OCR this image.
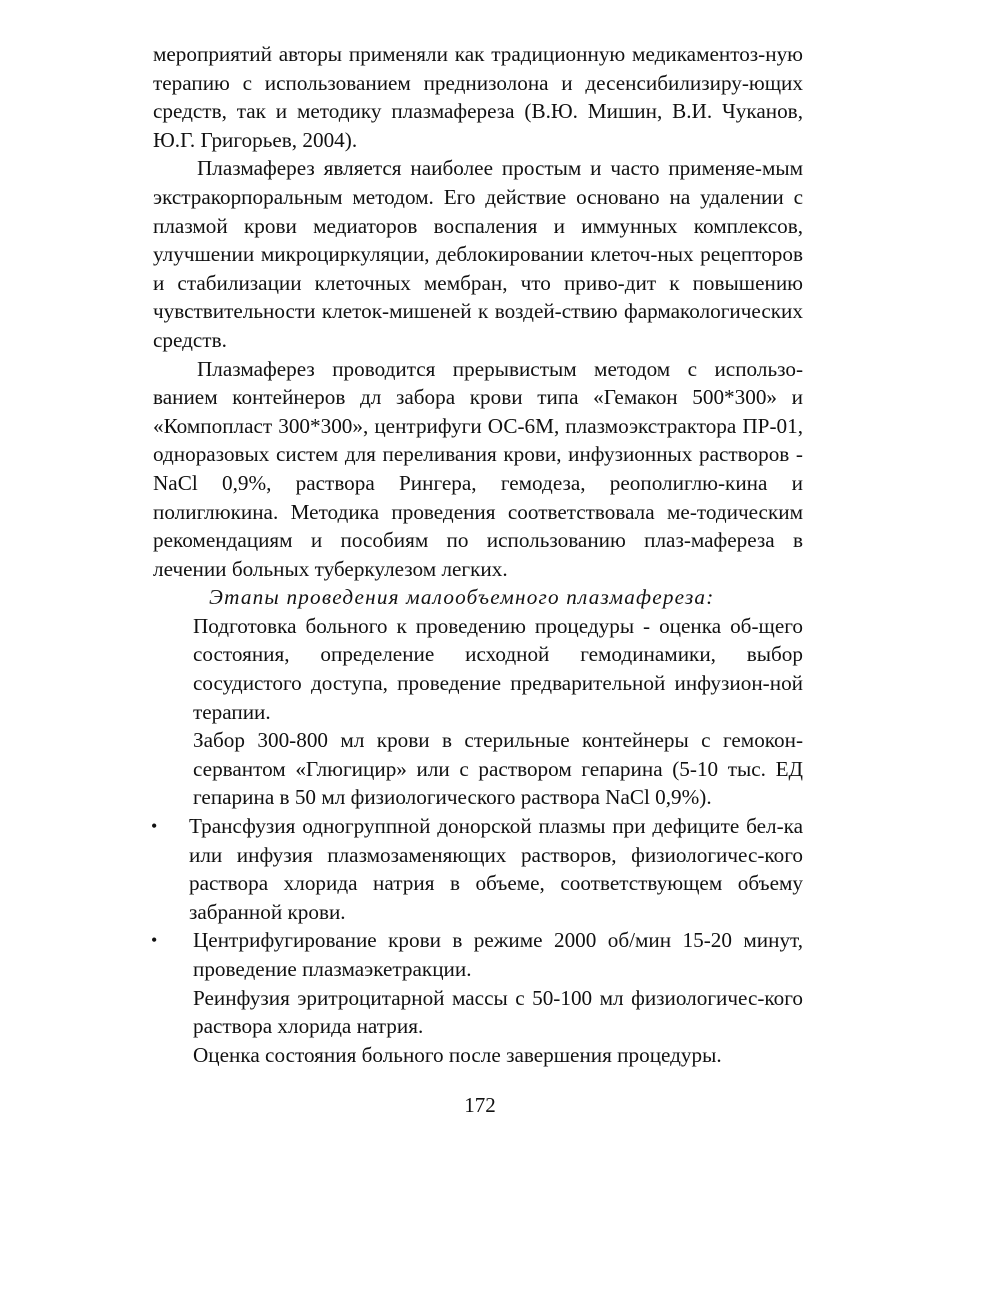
мероприятий авторы применяли как традиционную медикаментоз-ную терапию с использованием преднизолона и десенсибилизиру-ющих средств, так и методику плазмафереза (В.Ю. Мишин, В.И. Чуканов, Ю.Г. Григорьев, 2004).

Плазмаферез является наиболее простым и часто применяе-мым экстракорпоральным методом. Его действие основано на удалении с плазмой крови медиаторов воспаления и иммунных комплексов, улучшении микроциркуляции, деблокировании клеточ-ных рецепторов и стабилизации клеточных мембран, что приво-дит к повышению чувствительности клеток-мишеней к воздей-ствию фармакологических средств.

Плазмаферез проводится прерывистым методом с использо-ванием контейнеров дл забора крови типа «Гемакон 500*300» и «Компопласт 300*300», центрифуги ОС-6М, плазмоэкстрактора ПР-01, одноразовых систем для переливания крови, инфузионных растворов - NaCl 0,9%, раствора Рингера, гемодеза, реополиглю-кина и полиглюкина. Методика проведения соответствовала ме-тодическим рекомендациям и пособиям по использованию плаз-мафереза в лечении больных туберкулезом легких.

Этапы проведения малообъемного плазмафереза:

Подготовка больного к проведению процедуры - оценка об-щего состояния, определение исходной гемодинамики, выбор сосудистого доступа, проведение предварительной инфузион-ной терапии.

Забор 300-800 мл крови в стерильные контейнеры с гемокон-сервантом «Глюгицир» или с раствором гепарина (5-10 тыс. ЕД гепарина в 50 мл физиологического раствора NaCl 0,9%).

• Трансфузия одногруппной донорской плазмы при дефиците бел-ка или инфузия плазмозаменяющих растворов, физиологичес-кого раствора хлорида натрия в объеме, соответствующем объему забранной крови.

• Центрифугирование крови в режиме 2000 об/мин 15-20 минут, проведение плазмаэкетракции.

Реинфузия эритроцитарной массы с 50-100 мл физиологичес-кого раствора хлорида натрия.

Оценка состояния больного после завершения процедуры.

172
